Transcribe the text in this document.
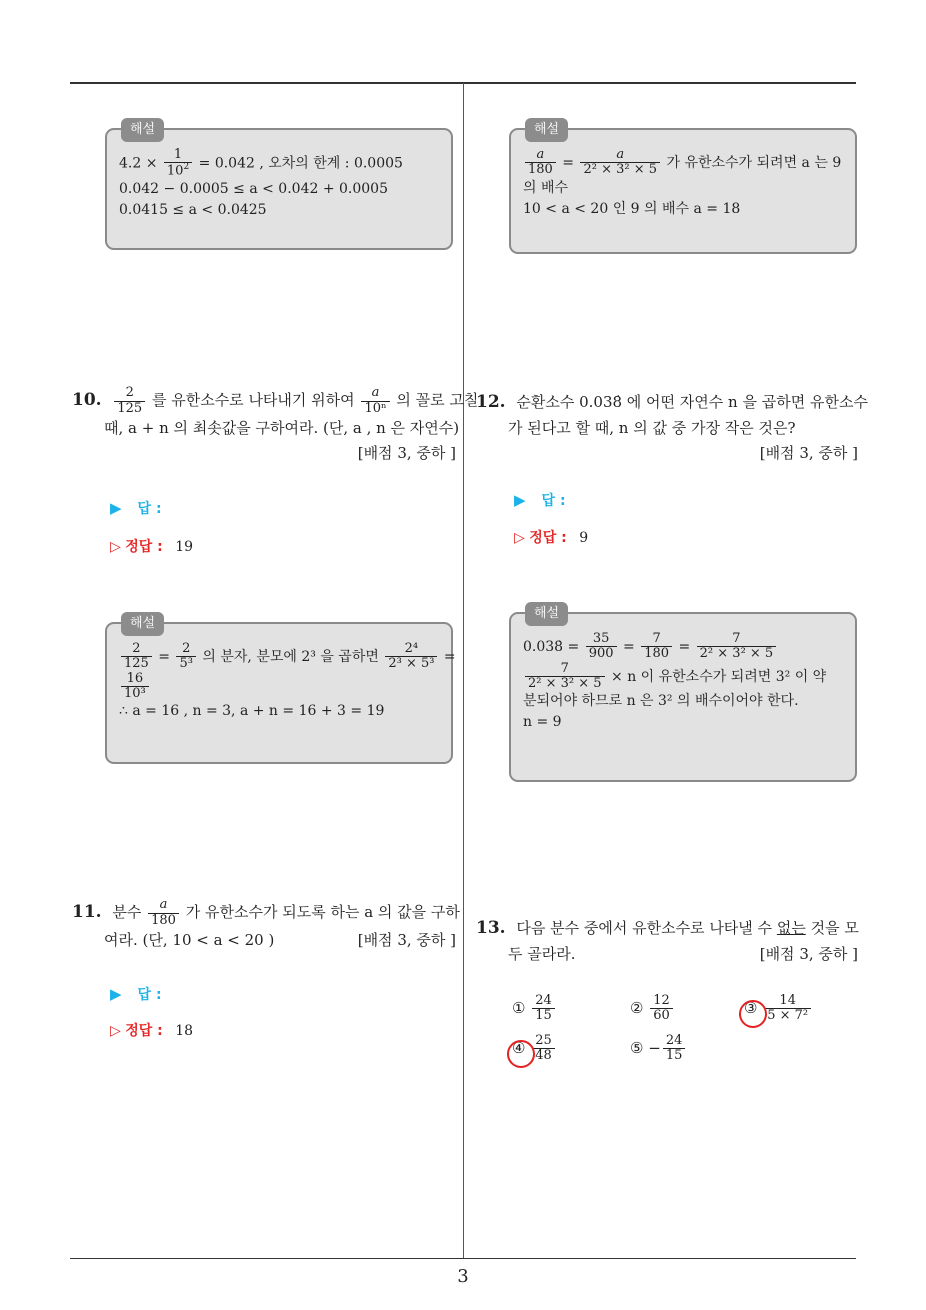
3
해설
$4.2 \times \frac{1}{10^2} = 0.042$ , 오차의 한계 : 0.0005
0.042 − 0.0005 ≤ a < 0.042 + 0.0005
0.0415 ≤ a < 0.0425
해설
$\frac{a}{180} = \frac{a}{\text{2² × 3² × 5}}$ 가 유한소수가 되려면 a 는 9
의 배수
10 < a < 20 인 9 의 배수 a = 18
10. $\frac{2}{125}$ 를 유한소수로 나타내기 위하여 $\frac{a}{\text{10ⁿ}}$ 의 꼴로 고칠
때, a + n 의 최솟값을 구하여라. (단, a , n 은 자연수)
[배점 3, 중하 ]
▶ 답 :
▷ 정답 : 19
해설
$\frac{2}{125} = \frac{2}{\text{5³}}$ 의 분자, 분모에 2³ 을 곱하면 $\frac{\text{2⁴}}{\text{2³ × 5³}}$ =
$\frac{16}{\text{10³}}$
∴ a = 16 , n = 3, a + n = 16 + 3 = 19
11. 분수 $\frac{a}{180}$ 가 유한소수가 되도록 하는 a 의 값을 구하
여라. (단, 10 < a < 20 )	[배점 3, 중하 ]
▶ 답 :
▷ 정답 : 18
12. 순환소수 0.038̇ 에 어떤 자연수 n 을 곱하면 유한소수
가 된다고 할 때, n 의 값 중 가장 작은 것은?
[배점 3, 중하 ]
▶ 답 :
▷ 정답 : 9
해설
0.038̇ = $\frac{35}{900} = \frac{7}{180} = \frac{7}{\text{2² × 3² × 5}}$
$\frac{7}{\text{2² × 3² × 5}} \times n$ 이 유한소수가 되려면 3² 이 약
분되어야 하므로 n 은 3² 의 배수이어야 한다.
n = 9
13. 다음 분수 중에서 유한소수로 나타낼 수 없는 것을 모
두 골라라.	[배점 3, 중하 ]
① $\frac{24}{15}$	② $\frac{12}{60}$	③ $\frac{14}{\text{5 × 7²}}$
④ $\frac{25}{48}$	⑤ − $\frac{24}{15}$
